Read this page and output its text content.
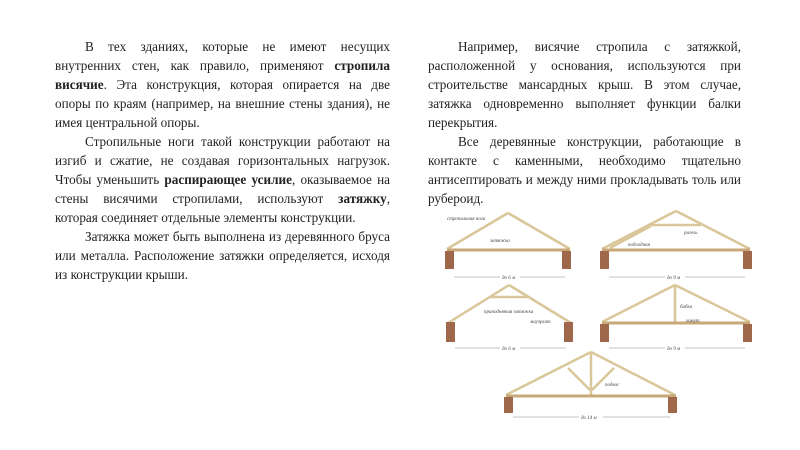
В тех зданиях, которые не имеют несущих внутренних стен, как правило, применяют стропила висячие. Эта конструкция, которая опирается на две опоры по краям (например, на внешние стены здания), не имея центральной опоры.

Стропильные ноги такой конструкции работают на изгиб и сжатие, не создавая горизонтальных нагрузок. Чтобы уменьшить распирающее усилие, оказываемое на стены висячими стропилами, используют затяжку, которая соединяет отдельные элементы конструкции.

Затяжка может быть выполнена из деревянного бруса или металла. Расположение затяжки определяется, исходя из конструкции крыши.

Например, висячие стропила с затяжкой, расположенной у основания, используются при строительстве мансардных крыш. В этом случае, затяжка одновременно выполняет функции балки перекрытия.

Все деревянные конструкции, работающие в контакте с каменными, необходимо тщательно антисептировать и между ними прокладывать толь или рубероид.

стропильная нога
затяжка
до 6 м
ригель
подсадная
до 9 м
приподнятая затяжка
мауэрлат
до 6 м
бабка
хомут
до 9 м
подкос
до 14 м
